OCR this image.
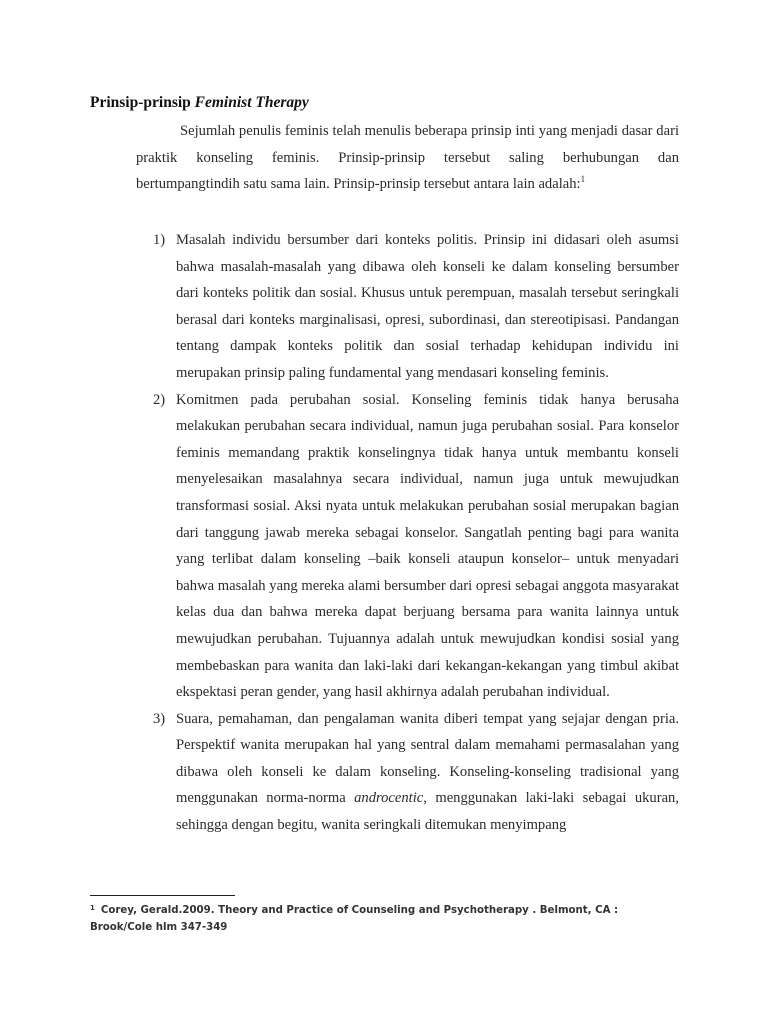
Prinsip-prinsip Feminist Therapy
Sejumlah penulis feminis telah menulis beberapa prinsip inti yang menjadi dasar dari praktik konseling feminis. Prinsip-prinsip tersebut saling berhubungan dan bertumpangtindih satu sama lain. Prinsip-prinsip tersebut antara lain adalah:$^1$
1) Masalah individu bersumber dari konteks politis. Prinsip ini didasari oleh asumsi bahwa masalah-masalah yang dibawa oleh konseli ke dalam konseling bersumber dari konteks politik dan sosial. Khusus untuk perempuan, masalah tersebut seringkali berasal dari konteks marginalisasi, opresi, subordinasi, dan stereotipisasi. Pandangan tentang dampak konteks politik dan sosial terhadap kehidupan individu ini merupakan prinsip paling fundamental yang mendasari konseling feminis.
2) Komitmen pada perubahan sosial. Konseling feminis tidak hanya berusaha melakukan perubahan secara individual, namun juga perubahan sosial. Para konselor feminis memandang praktik konselingnya tidak hanya untuk membantu konseli menyelesaikan masalahnya secara individual, namun juga untuk mewujudkan transformasi sosial. Aksi nyata untuk melakukan perubahan sosial merupakan bagian dari tanggung jawab mereka sebagai konselor. Sangatlah penting bagi para wanita yang terlibat dalam konseling –baik konseli ataupun konselor– untuk menyadari bahwa masalah yang mereka alami bersumber dari opresi sebagai anggota masyarakat kelas dua dan bahwa mereka dapat berjuang bersama para wanita lainnya untuk mewujudkan perubahan. Tujuannya adalah untuk mewujudkan kondisi sosial yang membebaskan para wanita dan laki-laki dari kekangan-kekangan yang timbul akibat ekspektasi peran gender, yang hasil akhirnya adalah perubahan individual.
3) Suara, pemahaman, dan pengalaman wanita diberi tempat yang sejajar dengan pria. Perspektif wanita merupakan hal yang sentral dalam memahami permasalahan yang dibawa oleh konseli ke dalam konseling. Konseling-konseling tradisional yang menggunakan norma-norma androcentic, menggunakan laki-laki sebagai ukuran, sehingga dengan begitu, wanita seringkali ditemukan menyimpang
$^1$ Corey, Gerald.2009. Theory and Practice of Counseling and Psychotherapy . Belmont, CA : Brook/Cole hlm 347-349
